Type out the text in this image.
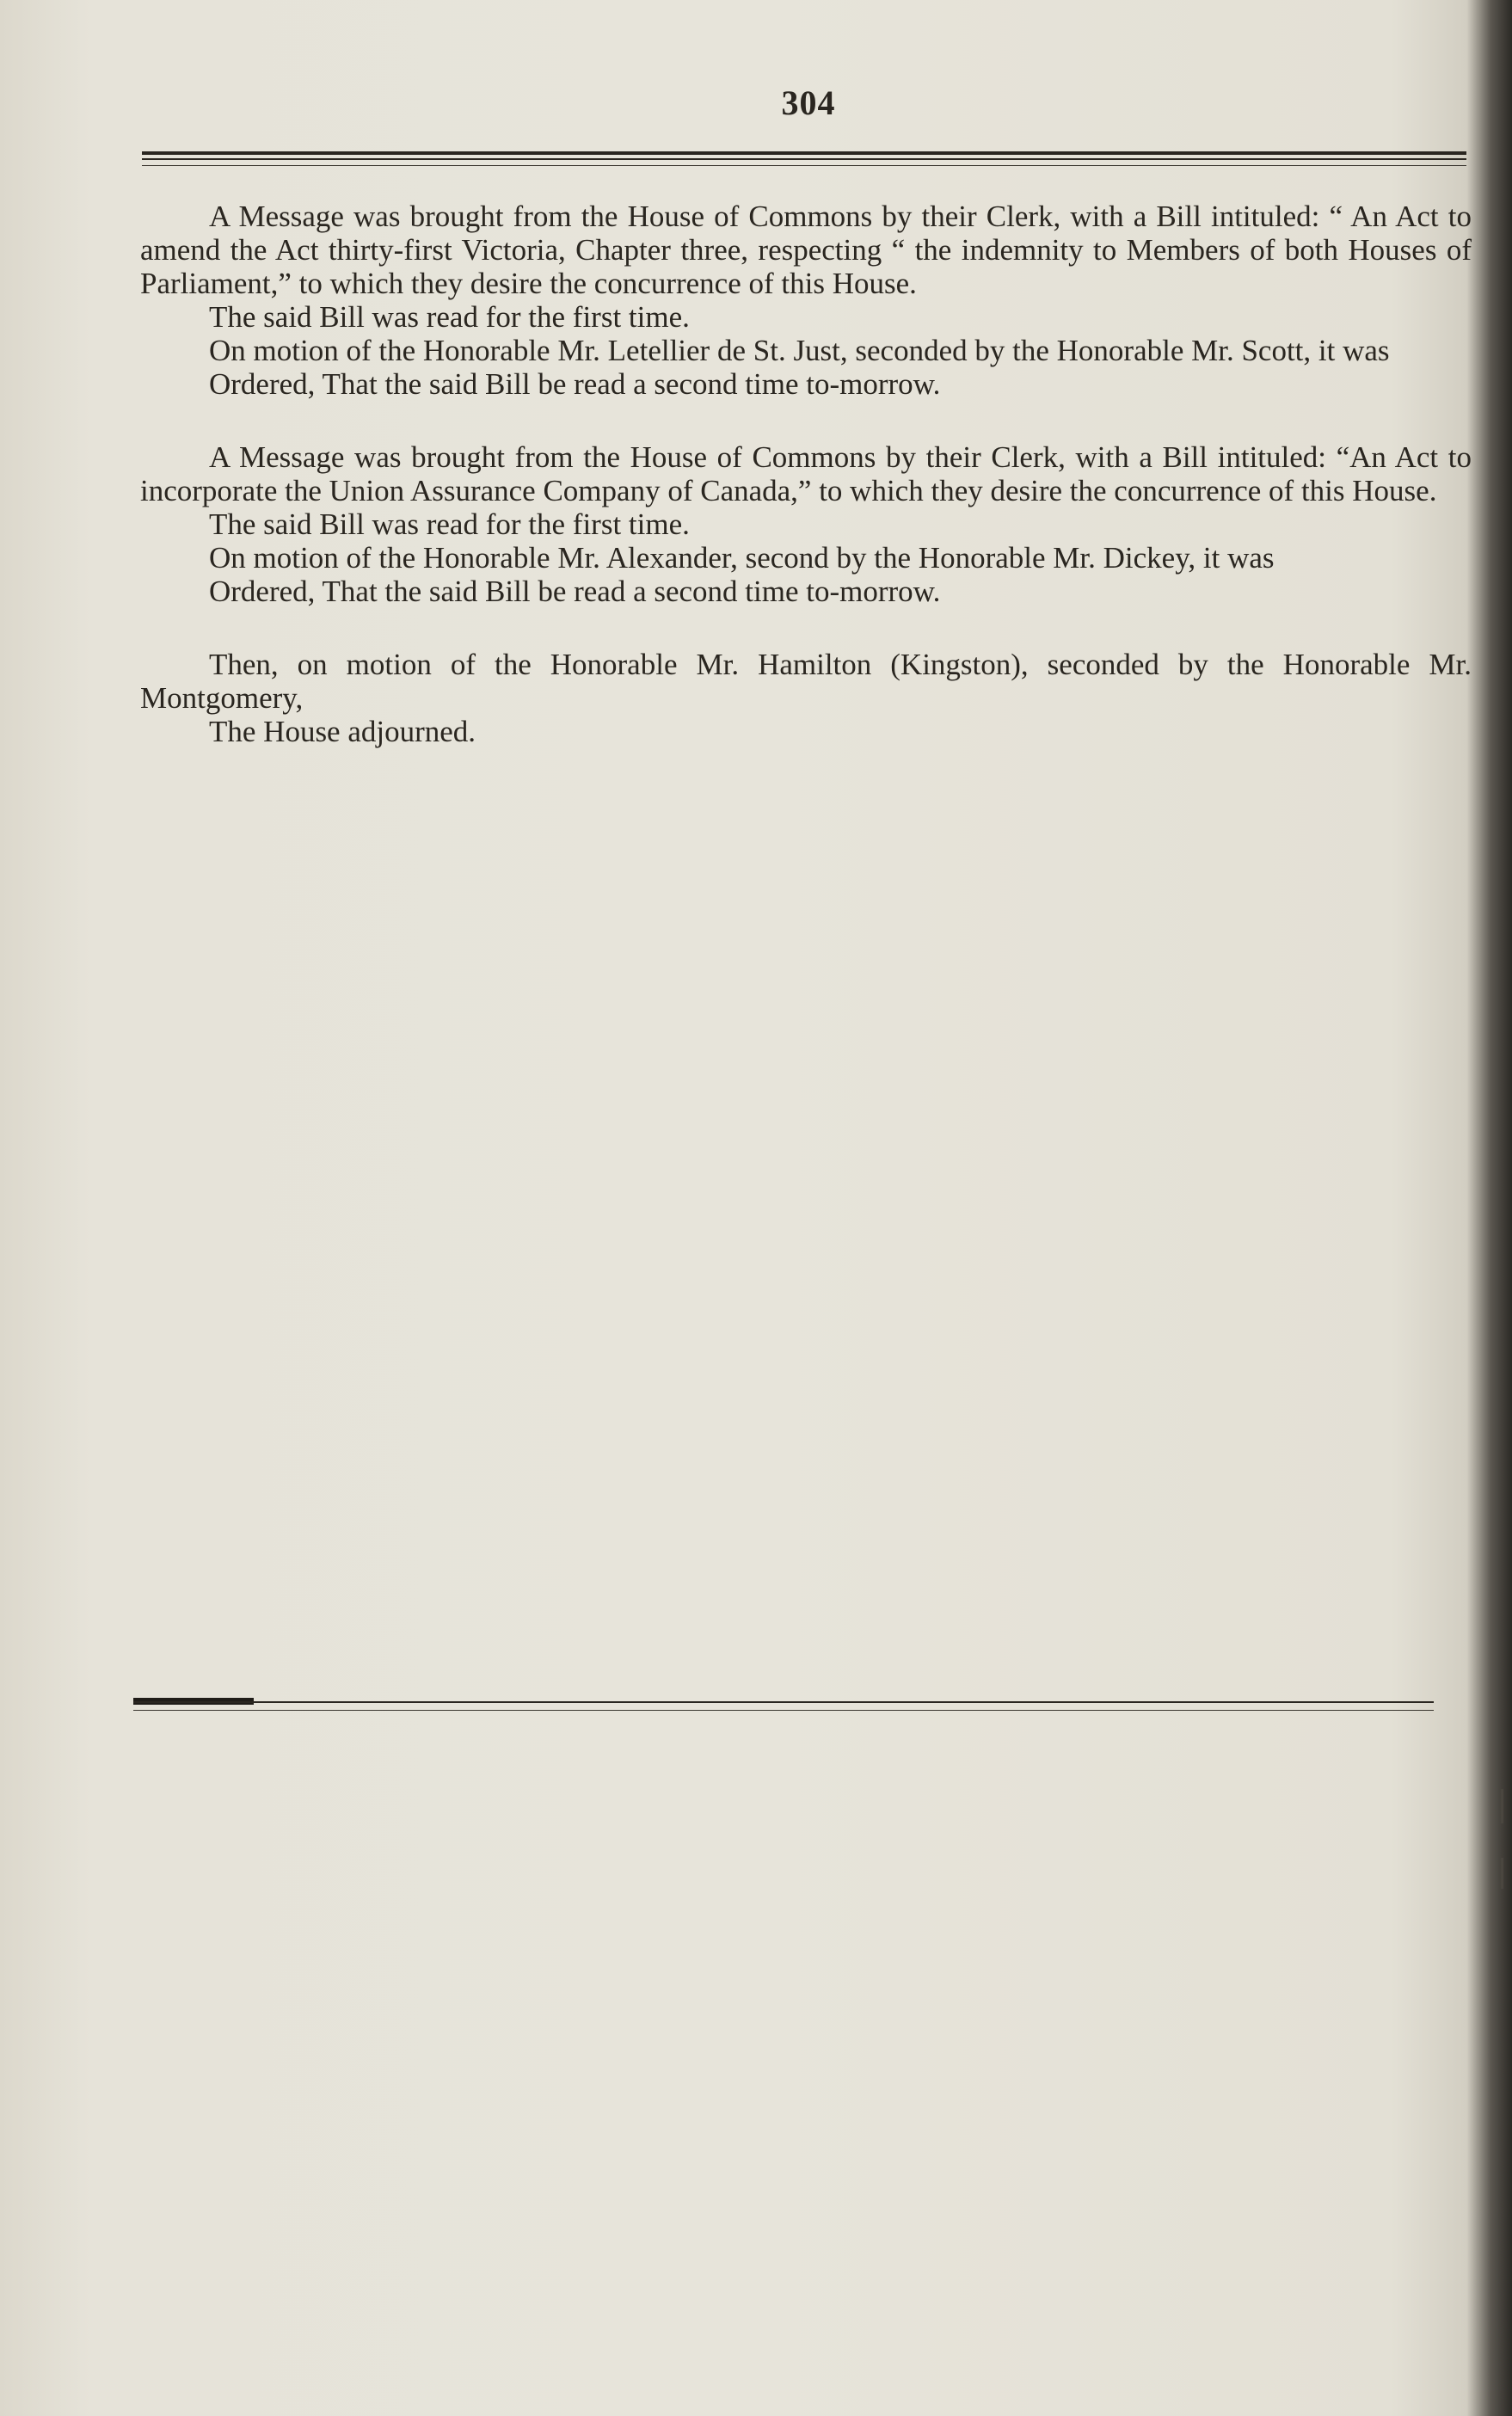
304

A Message was brought from the House of Commons by their Clerk, with a Bill intituled: “ An Act to amend the Act thirty-first Victoria, Chapter three, respecting “ the indemnity to Members of both Houses of Parliament,” to which they desire the concurrence of this House.

The said Bill was read for the first time.

On motion of the Honorable Mr. Letellier de St. Just, seconded by the Honorable Mr. Scott, it was

Ordered, That the said Bill be read a second time to-morrow.

A Message was brought from the House of Commons by their Clerk, with a Bill intituled: “An Act to incorporate the Union Assurance Company of Canada,” to which they desire the concurrence of this House.

The said Bill was read for the first time.

On motion of the Honorable Mr. Alexander, second by the Honorable Mr. Dickey, it was

Ordered, That the said Bill be read a second time to-morrow.

Then, on motion of the Honorable Mr. Hamilton (Kingston), seconded by the Honorable Mr. Montgomery,

The House adjourned.
